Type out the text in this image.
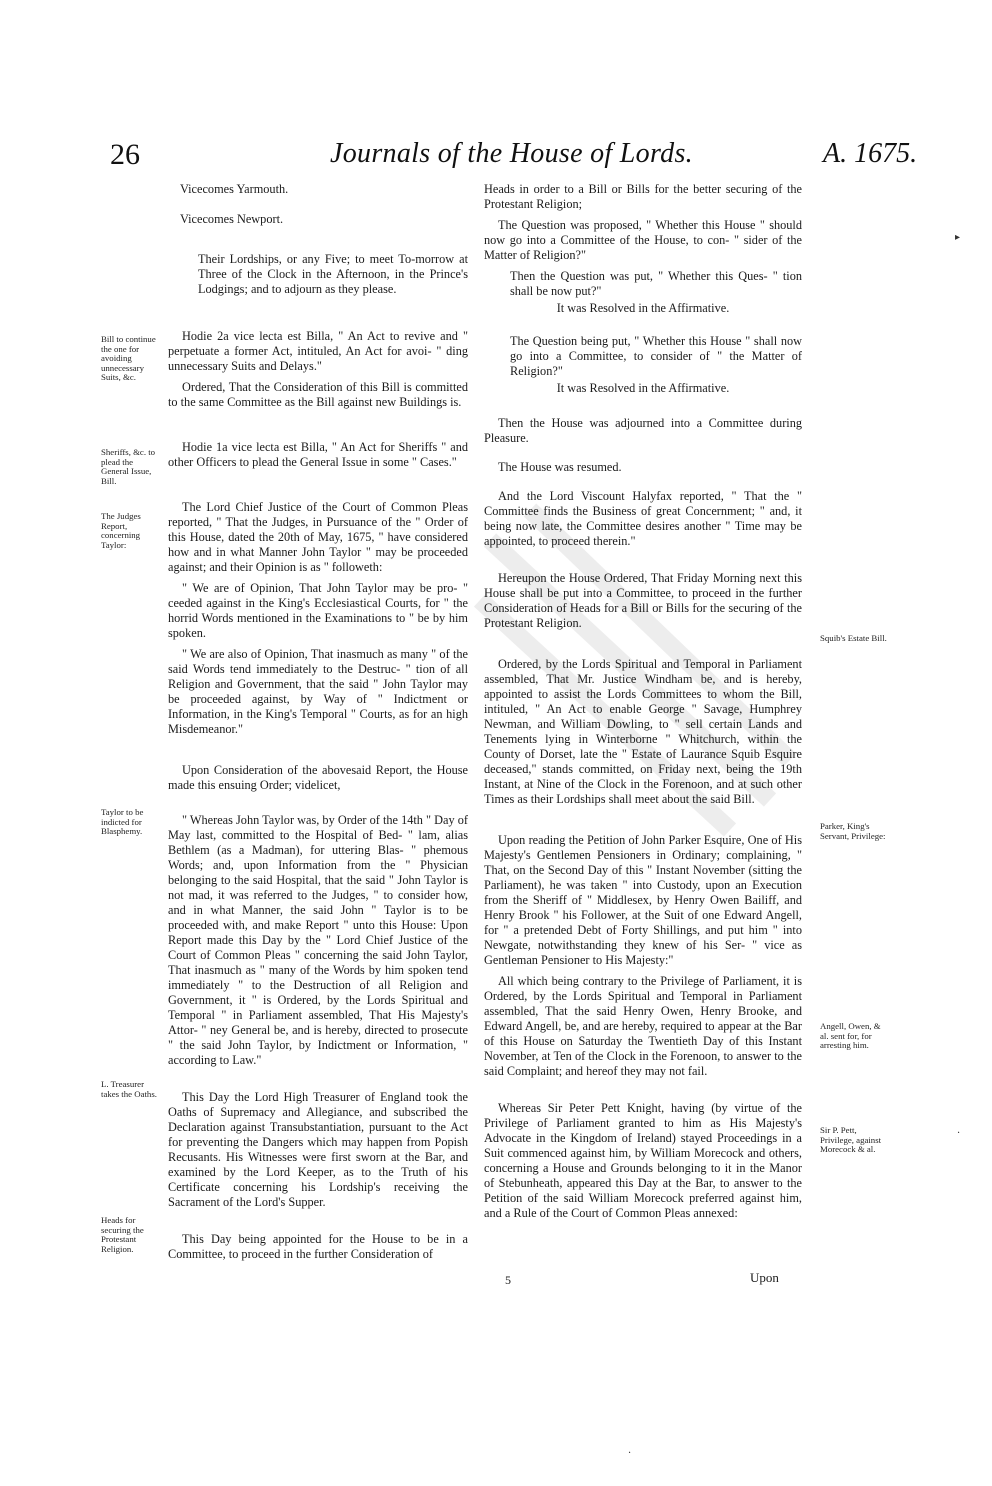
26	Journals of the House of Lords.	A. 1675.
Vicecomes Yarmouth.
Vicecomes Newport.
Bill to continue the one for avoiding unnecessary Suits, &c.
Sheriffs, &c. to plead the General Issue, Bill.
The Judges Report, concerning Taylor:
Taylor to be indicted for Blasphemy.
L. Treasurer takes the Oaths.
Heads for securing the Protestant Religion.
Squib's Estate Bill.
Parker, King's Servant, Privilege:
Angell, Owen, & al. sent for, for arresting him.
Sir P. Pett, Privilege, against Morecock & al.

Their Lordships, or any Five; to meet To-morrow at Three of the Clock in the Afternoon, in the Prince's Lodgings; and to adjourn as they please.

Hodie 2a vice lecta est Billa, " An Act to revive and " perpetuate a former Act, intituled, An Act for avoi- " ding unnecessary Suits and Delays."

Ordered, That the Consideration of this Bill is committed to the same Committee as the Bill against new Buildings is.

Hodie 1a vice lecta est Billa, " An Act for Sheriffs " and other Officers to plead the General Issue in some " Cases."

The Lord Chief Justice of the Court of Common Pleas reported, " That the Judges, in Pursuance of the " Order of this House, dated the 20th of May, 1675, " have considered how and in what Manner John Taylor " may be proceeded against; and their Opinion is as " followeth:

" We are of Opinion, That John Taylor may be pro- " ceeded against in the King's Ecclesiastical Courts, for " the horrid Words mentioned in the Examinations to " be by him spoken.

" We are also of Opinion, That inasmuch as many " of the said Words tend immediately to the Destruc- " tion of all Religion and Government, that the said " John Taylor may be proceeded against, by Way of " Indictment or Information, in the King's Temporal " Courts, as for an high Misdemeanor."

Upon Consideration of the abovesaid Report, the House made this ensuing Order; videlicet,

" Whereas John Taylor was, by Order of the 14th " Day of May last, committed to the Hospital of Bed- " lam, alias Bethlem (as a Madman), for uttering Blas- " phemous Words; and, upon Information from the " Physician belonging to the said Hospital, that the said " John Taylor is not mad, it was referred to the Judges, " to consider how, and in what Manner, the said John " Taylor is to be proceeded with, and make Report " unto this House: Upon Report made this Day by the " Lord Chief Justice of the Court of Common Pleas " concerning the said John Taylor, That inasmuch as " many of the Words by him spoken tend immediately " to the Destruction of all Religion and Government, it " is Ordered, by the Lords Spiritual and Temporal " in Parliament assembled, That His Majesty's Attor- " ney General be, and is hereby, directed to prosecute " the said John Taylor, by Indictment or Information, " according to Law."

This Day the Lord High Treasurer of England took the Oaths of Supremacy and Allegiance, and subscribed the Declaration against Transubstantiation, pursuant to the Act for preventing the Dangers which may happen from Popish Recusants. His Witnesses were first sworn at the Bar, and examined by the Lord Keeper, as to the Truth of his Certificate concerning his Lordship's receiving the Sacrament of the Lord's Supper.

This Day being appointed for the House to be in a Committee, to proceed in the further Consideration of

Heads in order to a Bill or Bills for the better securing of the Protestant Religion;

The Question was proposed, " Whether this House " should now go into a Committee of the House, to con- " sider of the Matter of Religion?"

Then the Question was put, " Whether this Ques- " tion shall be now put?"

It was Resolved in the Affirmative.

The Question being put, " Whether this House " shall now go into a Committee, to consider of " the Matter of Religion?"

It was Resolved in the Affirmative.

Then the House was adjourned into a Committee during Pleasure.

The House was resumed.

And the Lord Viscount Halyfax reported, " That the " Committee finds the Business of great Concernment; " and, it being now late, the Committee desires another " Time may be appointed, to proceed therein."

Hereupon the House Ordered, That Friday Morning next this House shall be put into a Committee, to proceed in the further Consideration of Heads for a Bill or Bills for the securing of the Protestant Religion.

Ordered, by the Lords Spiritual and Temporal in Parliament assembled, That Mr. Justice Windham be, and is hereby, appointed to assist the Lords Committees to whom the Bill, intituled, " An Act to enable George " Savage, Humphrey Newman, and William Dowling, to " sell certain Lands and Tenements lying in Winterborne " Whitchurch, within the County of Dorset, late the " Estate of Laurance Squib Esquire deceased," stands committed, on Friday next, being the 19th Instant, at Nine of the Clock in the Forenoon, and at such other Times as their Lordships shall meet about the said Bill.

Upon reading the Petition of John Parker Esquire, One of His Majesty's Gentlemen Pensioners in Ordinary; complaining, " That, on the Second Day of this " Instant November (sitting the Parliament), he was taken " into Custody, upon an Execution from the Sheriff of " Middlesex, by Henry Owen Bailiff, and Henry Brook " his Follower, at the Suit of one Edward Angell, for " a pretended Debt of Forty Shillings, and put him " into Newgate, notwithstanding they knew of his Ser- " vice as Gentleman Pensioner to His Majesty:"

All which being contrary to the Privilege of Parliament, it is Ordered, by the Lords Spiritual and Temporal in Parliament assembled, That the said Henry Owen, Henry Brooke, and Edward Angell, be, and are hereby, required to appear at the Bar of this House on Saturday the Twentieth Day of this Instant November, at Ten of the Clock in the Forenoon, to answer to the said Complaint; and hereof they may not fail.

Whereas Sir Peter Pett Knight, having (by virtue of the Privilege of Parliament granted to him as His Majesty's Advocate in the Kingdom of Ireland) stayed Proceedings in a Suit commenced against him, by William Morecock and others, concerning a House and Grounds belonging to it in the Manor of Stebunheath, appeared this Day at the Bar, to answer to the Petition of the said William Morecock preferred against him, and a Rule of the Court of Common Pleas annexed:

5	Upon
▸
·
·
